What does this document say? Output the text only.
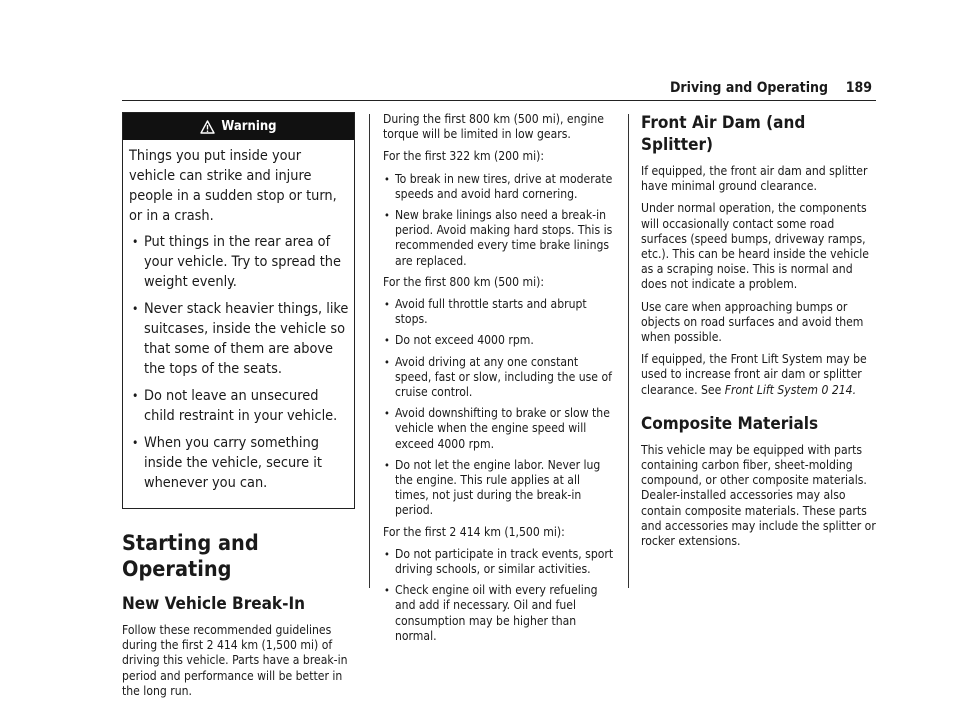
Driving and Operating 189
Warning

Things you put inside your vehicle can strike and injure people in a sudden stop or turn, or in a crash.

• Put things in the rear area of your vehicle. Try to spread the weight evenly.
• Never stack heavier things, like suitcases, inside the vehicle so that some of them are above the tops of the seats.
• Do not leave an unsecured child restraint in your vehicle.
• When you carry something inside the vehicle, secure it whenever you can.
Starting and Operating
New Vehicle Break-In

Follow these recommended guidelines during the first 2 414 km (1,500 mi) of driving this vehicle. Parts have a break-in period and performance will be better in the long run.

During the first 800 km (500 mi), engine torque will be limited in low gears.

For the first 322 km (200 mi):

• To break in new tires, drive at moderate speeds and avoid hard cornering.
• New brake linings also need a break-in period. Avoid making hard stops. This is recommended every time brake linings are replaced.

For the first 800 km (500 mi):

• Avoid full throttle starts and abrupt stops.
• Do not exceed 4000 rpm.
• Avoid driving at any one constant speed, fast or slow, including the use of cruise control.
• Avoid downshifting to brake or slow the vehicle when the engine speed will exceed 4000 rpm.
• Do not let the engine labor. Never lug the engine. This rule applies at all times, not just during the break-in period.

For the first 2 414 km (1,500 mi):

• Do not participate in track events, sport driving schools, or similar activities.
• Check engine oil with every refueling and add if necessary. Oil and fuel consumption may be higher than normal.
Front Air Dam (and Splitter)

If equipped, the front air dam and splitter have minimal ground clearance.

Under normal operation, the components will occasionally contact some road surfaces (speed bumps, driveway ramps, etc.). This can be heard inside the vehicle as a scraping noise. This is normal and does not indicate a problem.

Use care when approaching bumps or objects on road surfaces and avoid them when possible.

If equipped, the Front Lift System may be used to increase front air dam or splitter clearance. See Front Lift System 0 214.

Composite Materials

This vehicle may be equipped with parts containing carbon fiber, sheet-molding compound, or other composite materials. Dealer-installed accessories may also contain composite materials. These parts and accessories may include the splitter or rocker extensions.
